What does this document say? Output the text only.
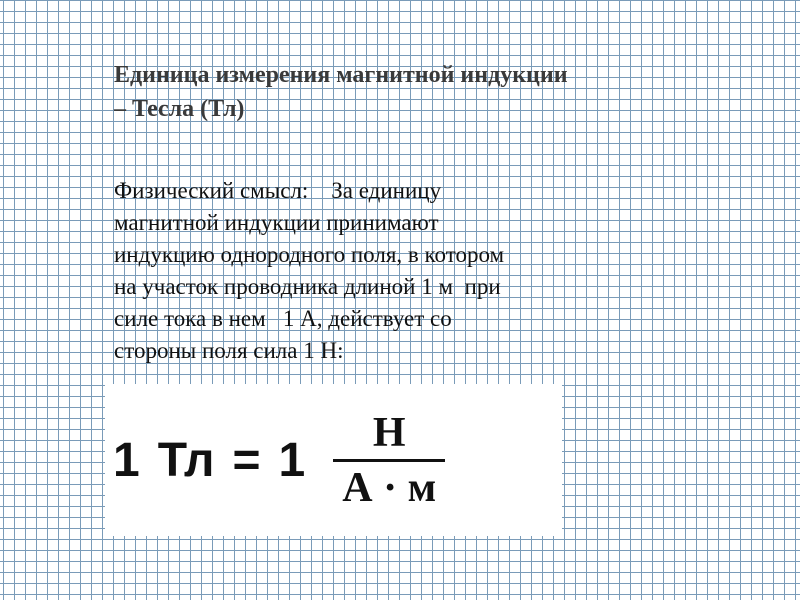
Единица измерения магнитной индукции
– Тесла (Тл)
Физический смысл:    За единицу
магнитной индукции принимают
индукцию однородного поля, в котором
на участок проводника длиной 1 м  при
силе тока в нем   1 А, действует со
стороны поля сила 1 Н:
1 Тл = $1 \frac{Н}{А \cdot м}$
